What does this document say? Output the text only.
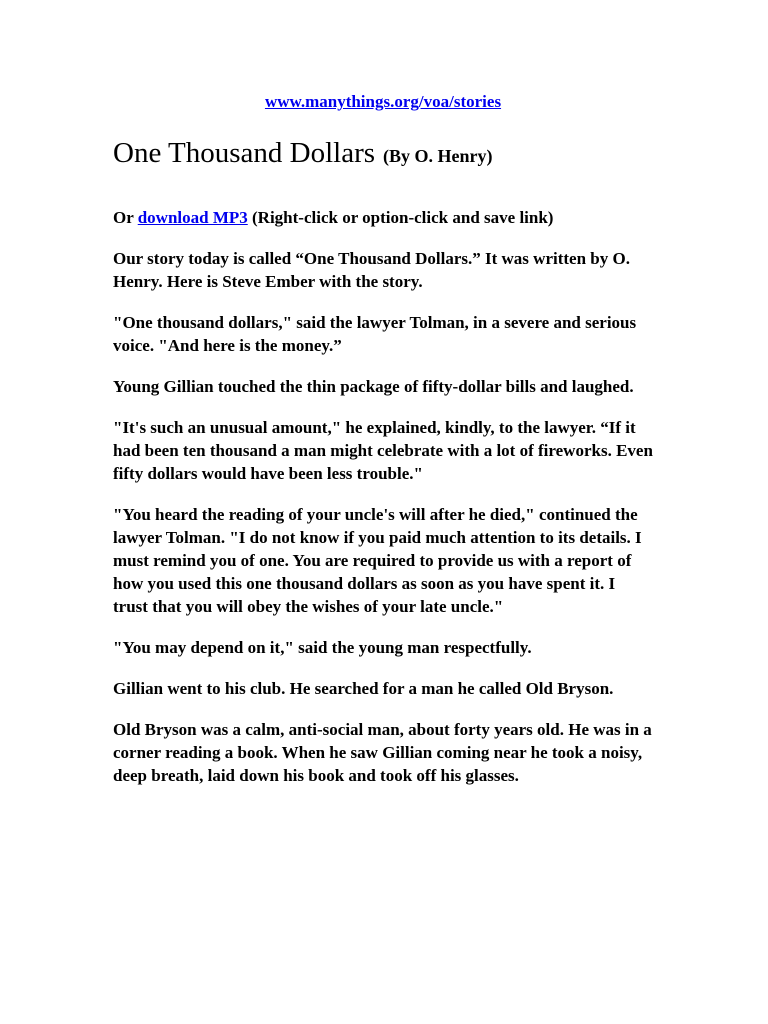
www.manythings.org/voa/stories
One Thousand Dollars (By O. Henry)

Or download MP3 (Right-click or option-click and save link)

Our story today is called “One Thousand Dollars.” It was written by O. Henry. Here is Steve Ember with the story.

"One thousand dollars," said the lawyer Tolman, in a severe and serious voice. "And here is the money.”

Young Gillian touched the thin package of fifty-dollar bills and laughed.

"It's such an unusual amount," he explained, kindly, to the lawyer. “If it had been ten thousand a man might celebrate with a lot of fireworks. Even fifty dollars would have been less trouble."

"You heard the reading of your uncle's will after he died," continued the lawyer Tolman. "I do not know if you paid much attention to its details. I must remind you of one. You are required to provide us with a report of how you used this one thousand dollars as soon as you have spent it. I trust that you will obey the wishes of your late uncle."

"You may depend on it," said the young man respectfully.

Gillian went to his club. He searched for a man he called Old Bryson.

Old Bryson was a calm, anti-social man, about forty years old. He was in a corner reading a book. When he saw Gillian coming near he took a noisy, deep breath, laid down his book and took off his glasses.
